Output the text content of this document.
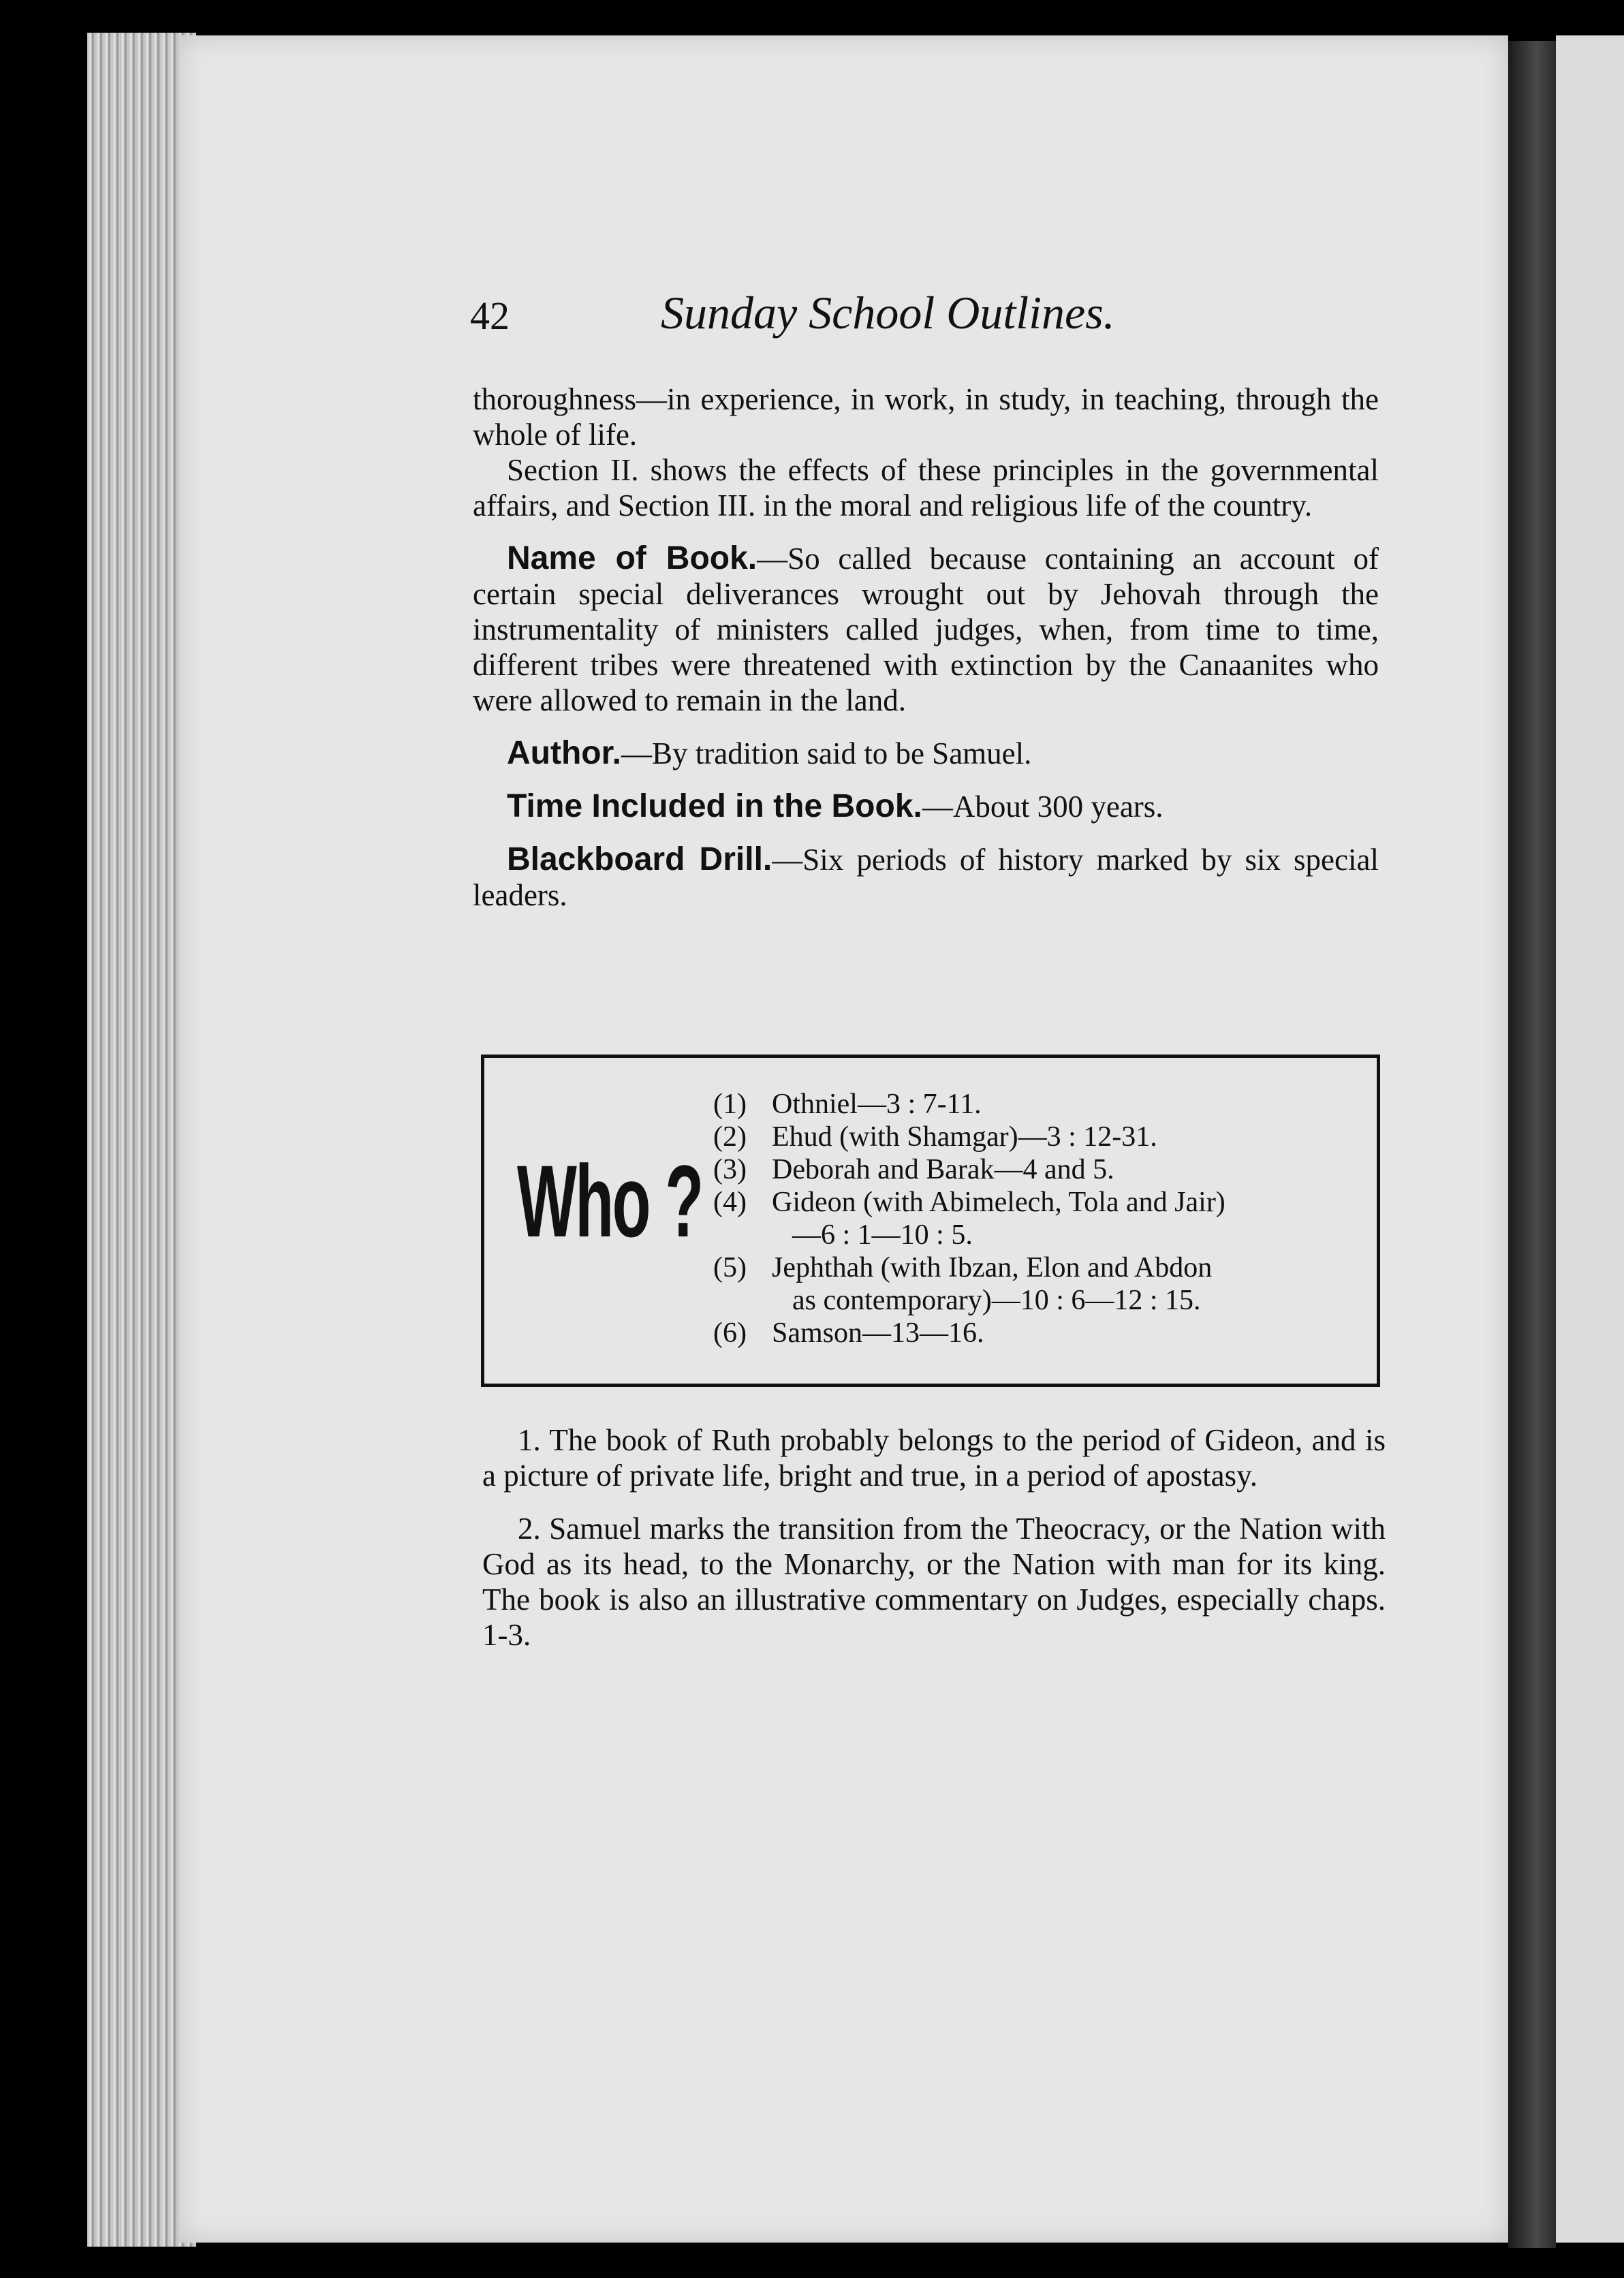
42	Sunday School Outlines.

thoroughness—in experience, in work, in study, in teaching, through the whole of life.

Section II. shows the effects of these principles in the governmental affairs, and Section III. in the moral and religious life of the country.

Name of Book.—So called because containing an account of certain special deliverances wrought out by Jehovah through the instrumentality of ministers called judges, when, from time to time, different tribes were threatened with extinction by the Canaanites who were allowed to remain in the land.

Author.—By tradition said to be Samuel.

Time Included in the Book.—About 300 years.

Blackboard Drill.—Six periods of history marked by six special leaders.

Who ?
(1) Othniel—3 : 7-11.
(2) Ehud (with Shamgar)—3 : 12-31.
(3) Deborah and Barak—4 and 5.
(4) Gideon (with Abimelech, Tola and Jair)
—6 : 1—10 : 5.
(5) Jephthah (with Ibzan, Elon and Abdon
as contemporary)—10 : 6—12 : 15.
(6) Samson—13—16.

1. The book of Ruth probably belongs to the period of Gideon, and is a picture of private life, bright and true, in a period of apostasy.

2. Samuel marks the transition from the Theocracy, or the Nation with God as its head, to the Monarchy, or the Nation with man for its king. The book is also an illustrative commentary on Judges, especially chaps. 1-3.
